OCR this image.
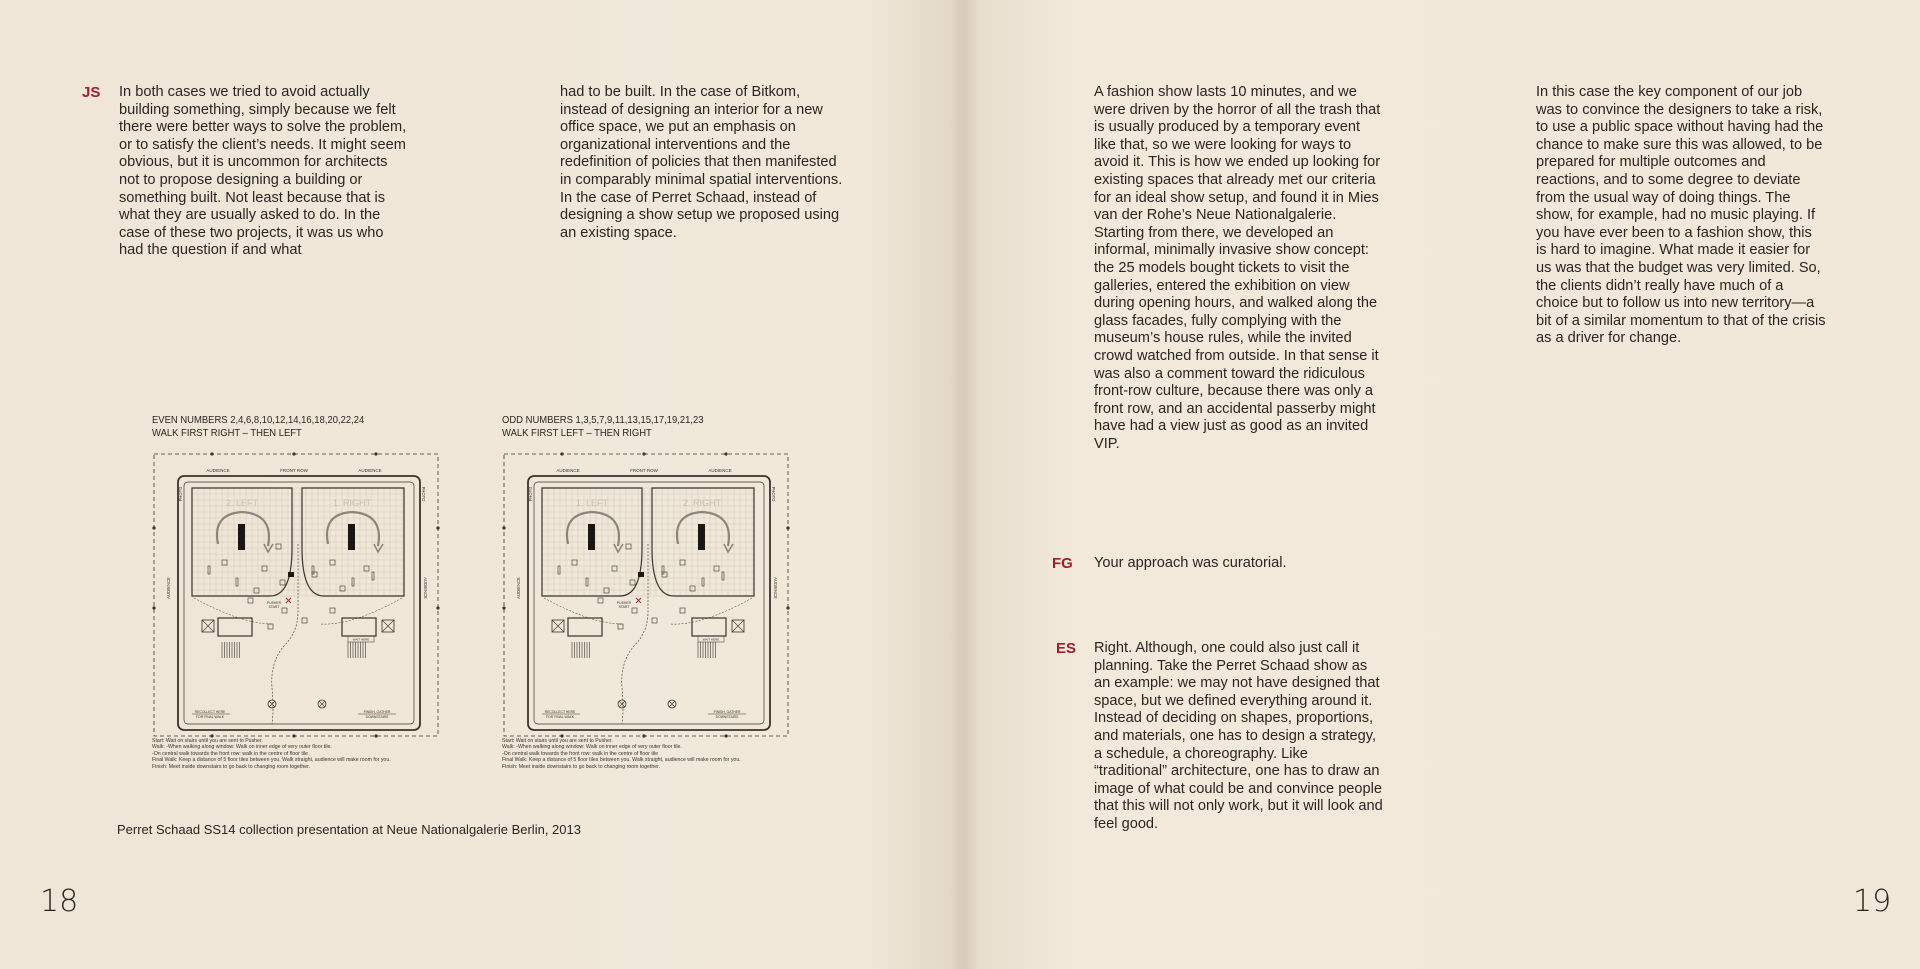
JS In both cases we tried to avoid actually building something, simply because we felt there were better ways to solve the problem, or to satisfy the client’s needs. It might seem obvious, but it is uncommon for architects not to propose designing a building or something built. Not least because that is what they are usually asked to do. In the case of these two projects, it was us who had the question if and what

had to be built. In the case of Bitkom, instead of designing an interior for a new office space, we put an emphasis on organizational interventions and the redefinition of policies that then manifested in comparably minimal spatial interventions. In the case of Perret Schaad, instead of designing a show setup we proposed using an existing space.

EVEN NUMBERS 2,4,6,8,10,12,14,16,18,20,22,24
WALK FIRST RIGHT – THEN LEFT
AUDIENCE	FRONT ROW	AUDIENCE
PHOTO	PHOTO
AUDIENCE	AUDIENCE
2. LEFT	1. RIGHT
PUSHER
START
WAIT HERE
RECOLLECT HERE
FOR FINAL WALK
FINISH, GATHER
DOWNSTAIRS
Start: Wait on stairs until you are sent to Pusher.
Walk: -When walking along window: Walk on inner edge of very outer floor tile.
-On central walk towards the front row: walk in the centre of floor tile
Final Walk: Keep a distance of 5 floor tiles between you. Walk straight, audience will make room for you.
Finish: Meet inside downstairs to go back to changing room together.
ODD NUMBERS 1,3,5,7,9,11,13,15,17,19,21,23
WALK FIRST LEFT – THEN RIGHT
AUDIENCE	FRONT ROW	AUDIENCE
PHOTO	PHOTO
AUDIENCE	AUDIENCE
1. LEFT	2. RIGHT
PUSHER
START
WAIT HERE
RECOLLECT HERE
FOR FINAL WALK
FINISH, GATHER
DOWNSTAIRS
Start: Wait on stairs until you are sent to Pusher.
Walk: -When walking along window: Walk on inner edge of very outer floor tile.
-On central walk towards the front row: walk in the centre of floor tile
Final Walk: Keep a distance of 5 floor tiles between you. Walk straight, audience will make room for you.
Finish: Meet inside downstairs to go back to changing room together.
Perret Schaad SS14 collection presentation at Neue Nationalgalerie Berlin, 2013
18

A fashion show lasts 10 minutes, and we were driven by the horror of all the trash that is usually produced by a temporary event like that, so we were looking for ways to avoid it. This is how we ended up looking for existing spaces that already met our criteria for an ideal show setup, and found it in Mies van der Rohe’s Neue Nationalgalerie. Starting from there, we developed an informal, minimally invasive show concept: the 25 models bought tickets to visit the galleries, entered the exhibition on view during opening hours, and walked along the glass facades, fully complying with the museum’s house rules, while the invited crowd watched from outside. In that sense it was also a comment toward the ridiculous front-row culture, because there was only a front row, and an accidental passerby might have had a view just as good as an invited VIP.

In this case the key component of our job was to convince the designers to take a risk, to use a public space without having had the chance to make sure this was allowed, to be prepared for multiple outcomes and reactions, and to some degree to deviate from the usual way of doing things. The show, for example, had no music playing. If you have ever been to a fashion show, this is hard to imagine. What made it easier for us was that the budget was very limited. So, the clients didn’t really have much of a choice but to follow us into new territory—a bit of a similar momentum to that of the crisis as a driver for change.

FG Your approach was curatorial.

ES Right. Although, one could also just call it planning. Take the Perret Schaad show as an example: we may not have designed that space, but we defined everything around it. Instead of deciding on shapes, proportions, and materials, one has to design a strategy, a schedule, a choreography. Like “traditional” architecture, one has to draw an image of what could be and convince people that this will not only work, but it will look and feel good.

19
